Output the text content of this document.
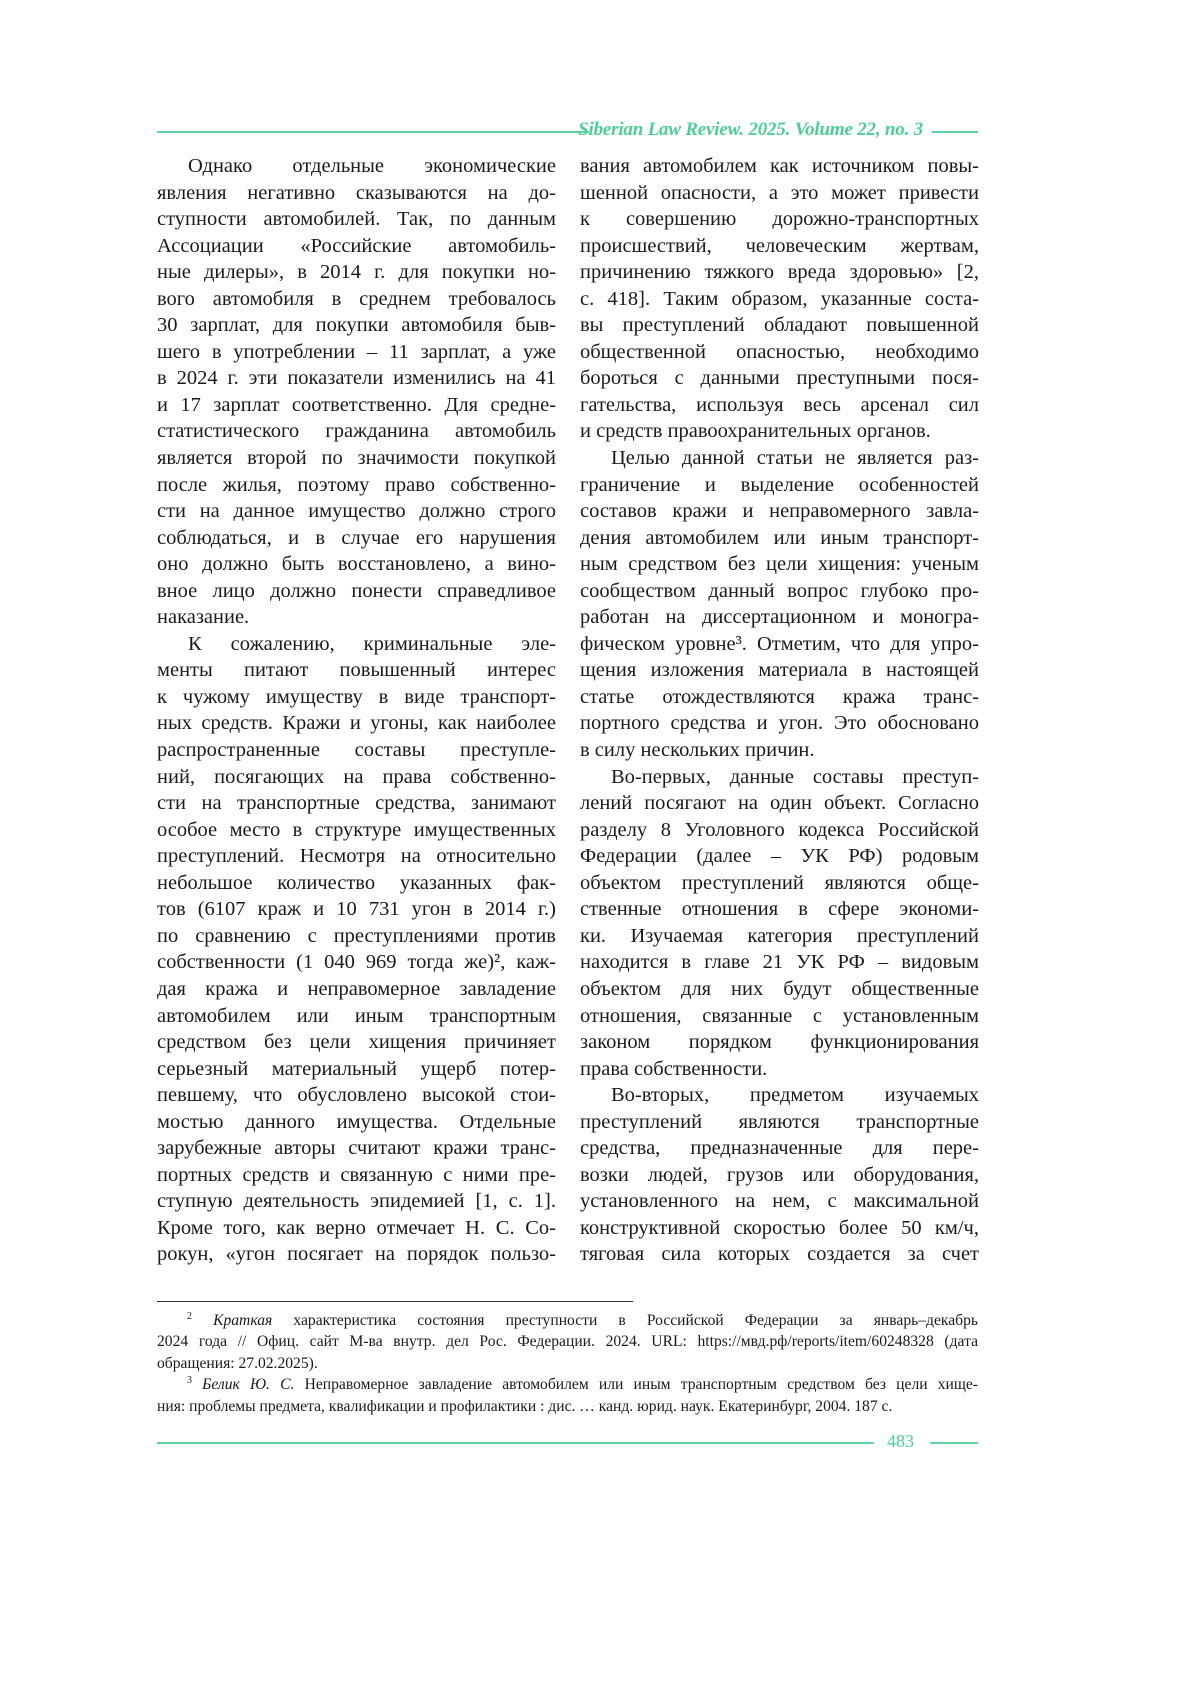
Siberian Law Review. 2025. Volume 22, no. 3
Однако отдельные экономические
явления негативно сказываются на до-
ступности автомобилей. Так, по данным
Ассоциации «Российские автомобиль-
ные дилеры», в 2014 г. для покупки но-
вого автомобиля в среднем требовалось
30 зарплат, для покупки автомобиля быв-
шего в употреблении – 11 зарплат, а уже
в 2024 г. эти показатели изменились на 41
и 17 зарплат соответственно. Для средне-
статистического гражданина автомобиль
является второй по значимости покупкой
после жилья, поэтому право собственно-
сти на данное имущество должно строго
соблюдаться, и в случае его нарушения
оно должно быть восстановлено, а вино-
вное лицо должно понести справедливое
наказание.
К сожалению, криминальные эле-
менты питают повышенный интерес
к чужому имуществу в виде транспорт-
ных средств. Кражи и угоны, как наиболее
распространенные составы преступле-
ний, посягающих на права собственно-
сти на транспортные средства, занимают
особое место в структуре имущественных
преступлений. Несмотря на относительно
небольшое количество указанных фак-
тов (6107 краж и 10 731 угон в 2014 г.)
по сравнению с преступлениями против
собственности (1 040 969 тогда же)², каж-
дая кража и неправомерное завладение
автомобилем или иным транспортным
средством без цели хищения причиняет
серьезный материальный ущерб потер-
певшему, что обусловлено высокой стои-
мостью данного имущества. Отдельные
зарубежные авторы считают кражи транс-
портных средств и связанную с ними пре-
ступную деятельность эпидемией [1, с. 1].
Кроме того, как верно отмечает Н. С. Со-
рокун, «угон посягает на порядок пользо-
вания автомобилем как источником повы-
шенной опасности, а это может привести
к совершению дорожно-транспортных
происшествий, человеческим жертвам,
причинению тяжкого вреда здоровью» [2,
с. 418]. Таким образом, указанные соста-
вы преступлений обладают повышенной
общественной опасностью, необходимо
бороться с данными преступными пося-
гательства, используя весь арсенал сил
и средств правоохранительных органов.
Целью данной статьи не является раз-
граничение и выделение особенностей
составов кражи и неправомерного завла-
дения автомобилем или иным транспорт-
ным средством без цели хищения: ученым
сообществом данный вопрос глубоко про-
работан на диссертационном и моногра-
фическом уровне³. Отметим, что для упро-
щения изложения материала в настоящей
статье отождествляются кража транс-
портного средства и угон. Это обосновано
в силу нескольких причин.
Во-первых, данные составы преступ-
лений посягают на один объект. Согласно
разделу 8 Уголовного кодекса Российской
Федерации (далее – УК РФ) родовым
объектом преступлений являются обще-
ственные отношения в сфере экономи-
ки. Изучаемая категория преступлений
находится в главе 21 УК РФ – видовым
объектом для них будут общественные
отношения, связанные с установленным
законом порядком функционирования
права собственности.
Во-вторых, предметом изучаемых
преступлений являются транспортные
средства, предназначенные для пере-
возки людей, грузов или оборудования,
установленного на нем, с максимальной
конструктивной скоростью более 50 км/ч,
тяговая сила которых создается за счет
2 Краткая характеристика состояния преступности в Российской Федерации за январь–декабрь
2024 года // Офиц. сайт М-ва внутр. дел Рос. Федерации. 2024. URL: https://мвд.рф/reports/item/60248328 (дата
обращения: 27.02.2025).
3 Белик Ю. С. Неправомерное завладение автомобилем или иным транспортным средством без цели хище-
ния: проблемы предмета, квалификации и профилактики : дис. … канд. юрид. наук. Екатеринбург, 2004. 187 с.
483
